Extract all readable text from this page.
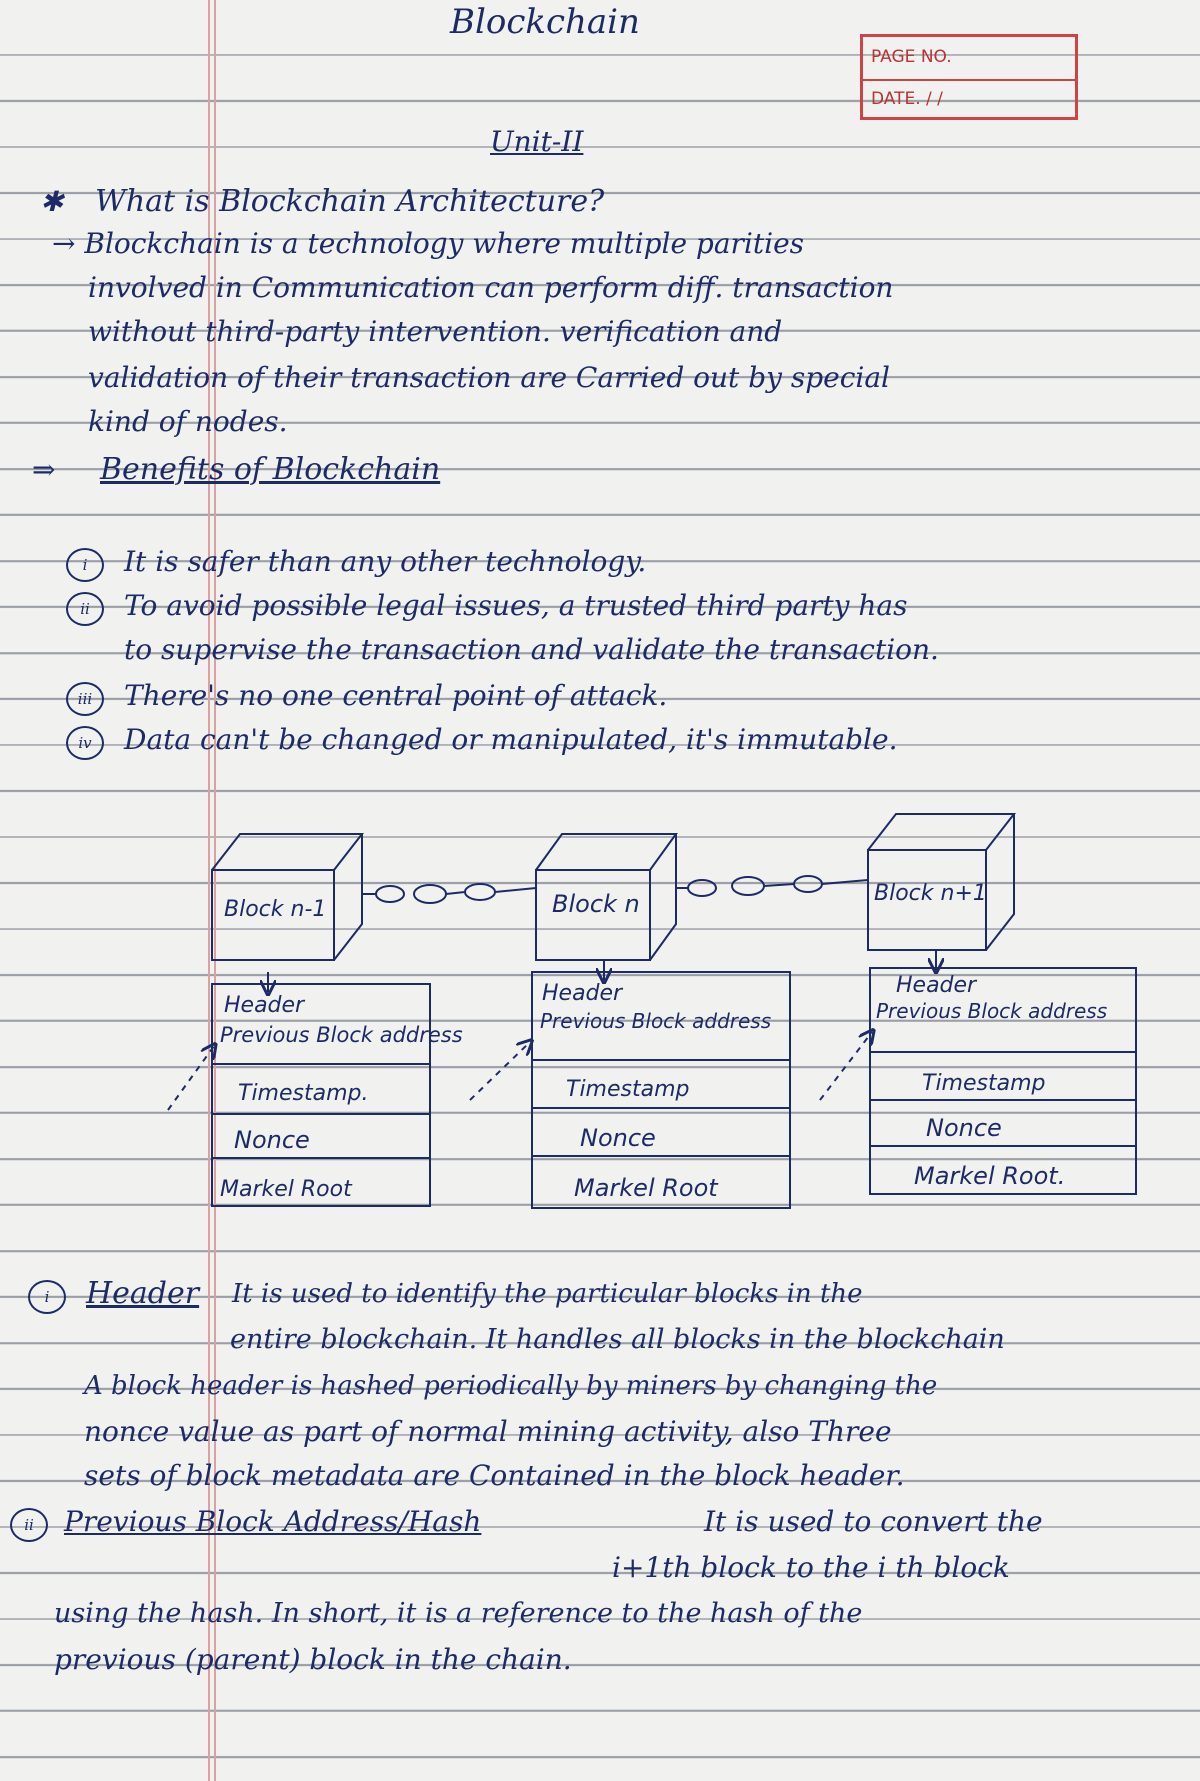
Blockchain
PAGE NO.
DATE. / /
Unit-II
✱ What is Blockchain Architecture?
→ Blockchain is a technology where multiple parities
involved in Communication can perform diff. transaction
without third-party intervention. verification and
validation of their transaction are Carried out by special
kind of nodes.
⇒ Benefits of Blockchain
i	It is safer than any other technology.
ii	To avoid possible legal issues, a trusted third party has
to supervise the transaction and validate the transaction.
iii	There's no one central point of attack.
iv	Data can't be changed or manipulated, it's immutable.
Block n-1	Block n	Block n+1
Header
Previous Block address
Timestamp.
Nonce
Markel Root
Header
Previous Block address
Timestamp
Nonce
Markel Root
Header
Previous Block address
Timestamp
Nonce
Markel Root.
i	Header It is used to identify the particular blocks in the
entire blockchain. It handles all blocks in the blockchain
A block header is hashed periodically by miners by changing the
nonce value as part of normal mining activity, also Three
sets of block metadata are Contained in the block header.
ii	Previous Block Address/Hash	It is used to convert the
i+1th block to the i th block
using the hash. In short, it is a reference to the hash of the
previous (parent) block in the chain.
